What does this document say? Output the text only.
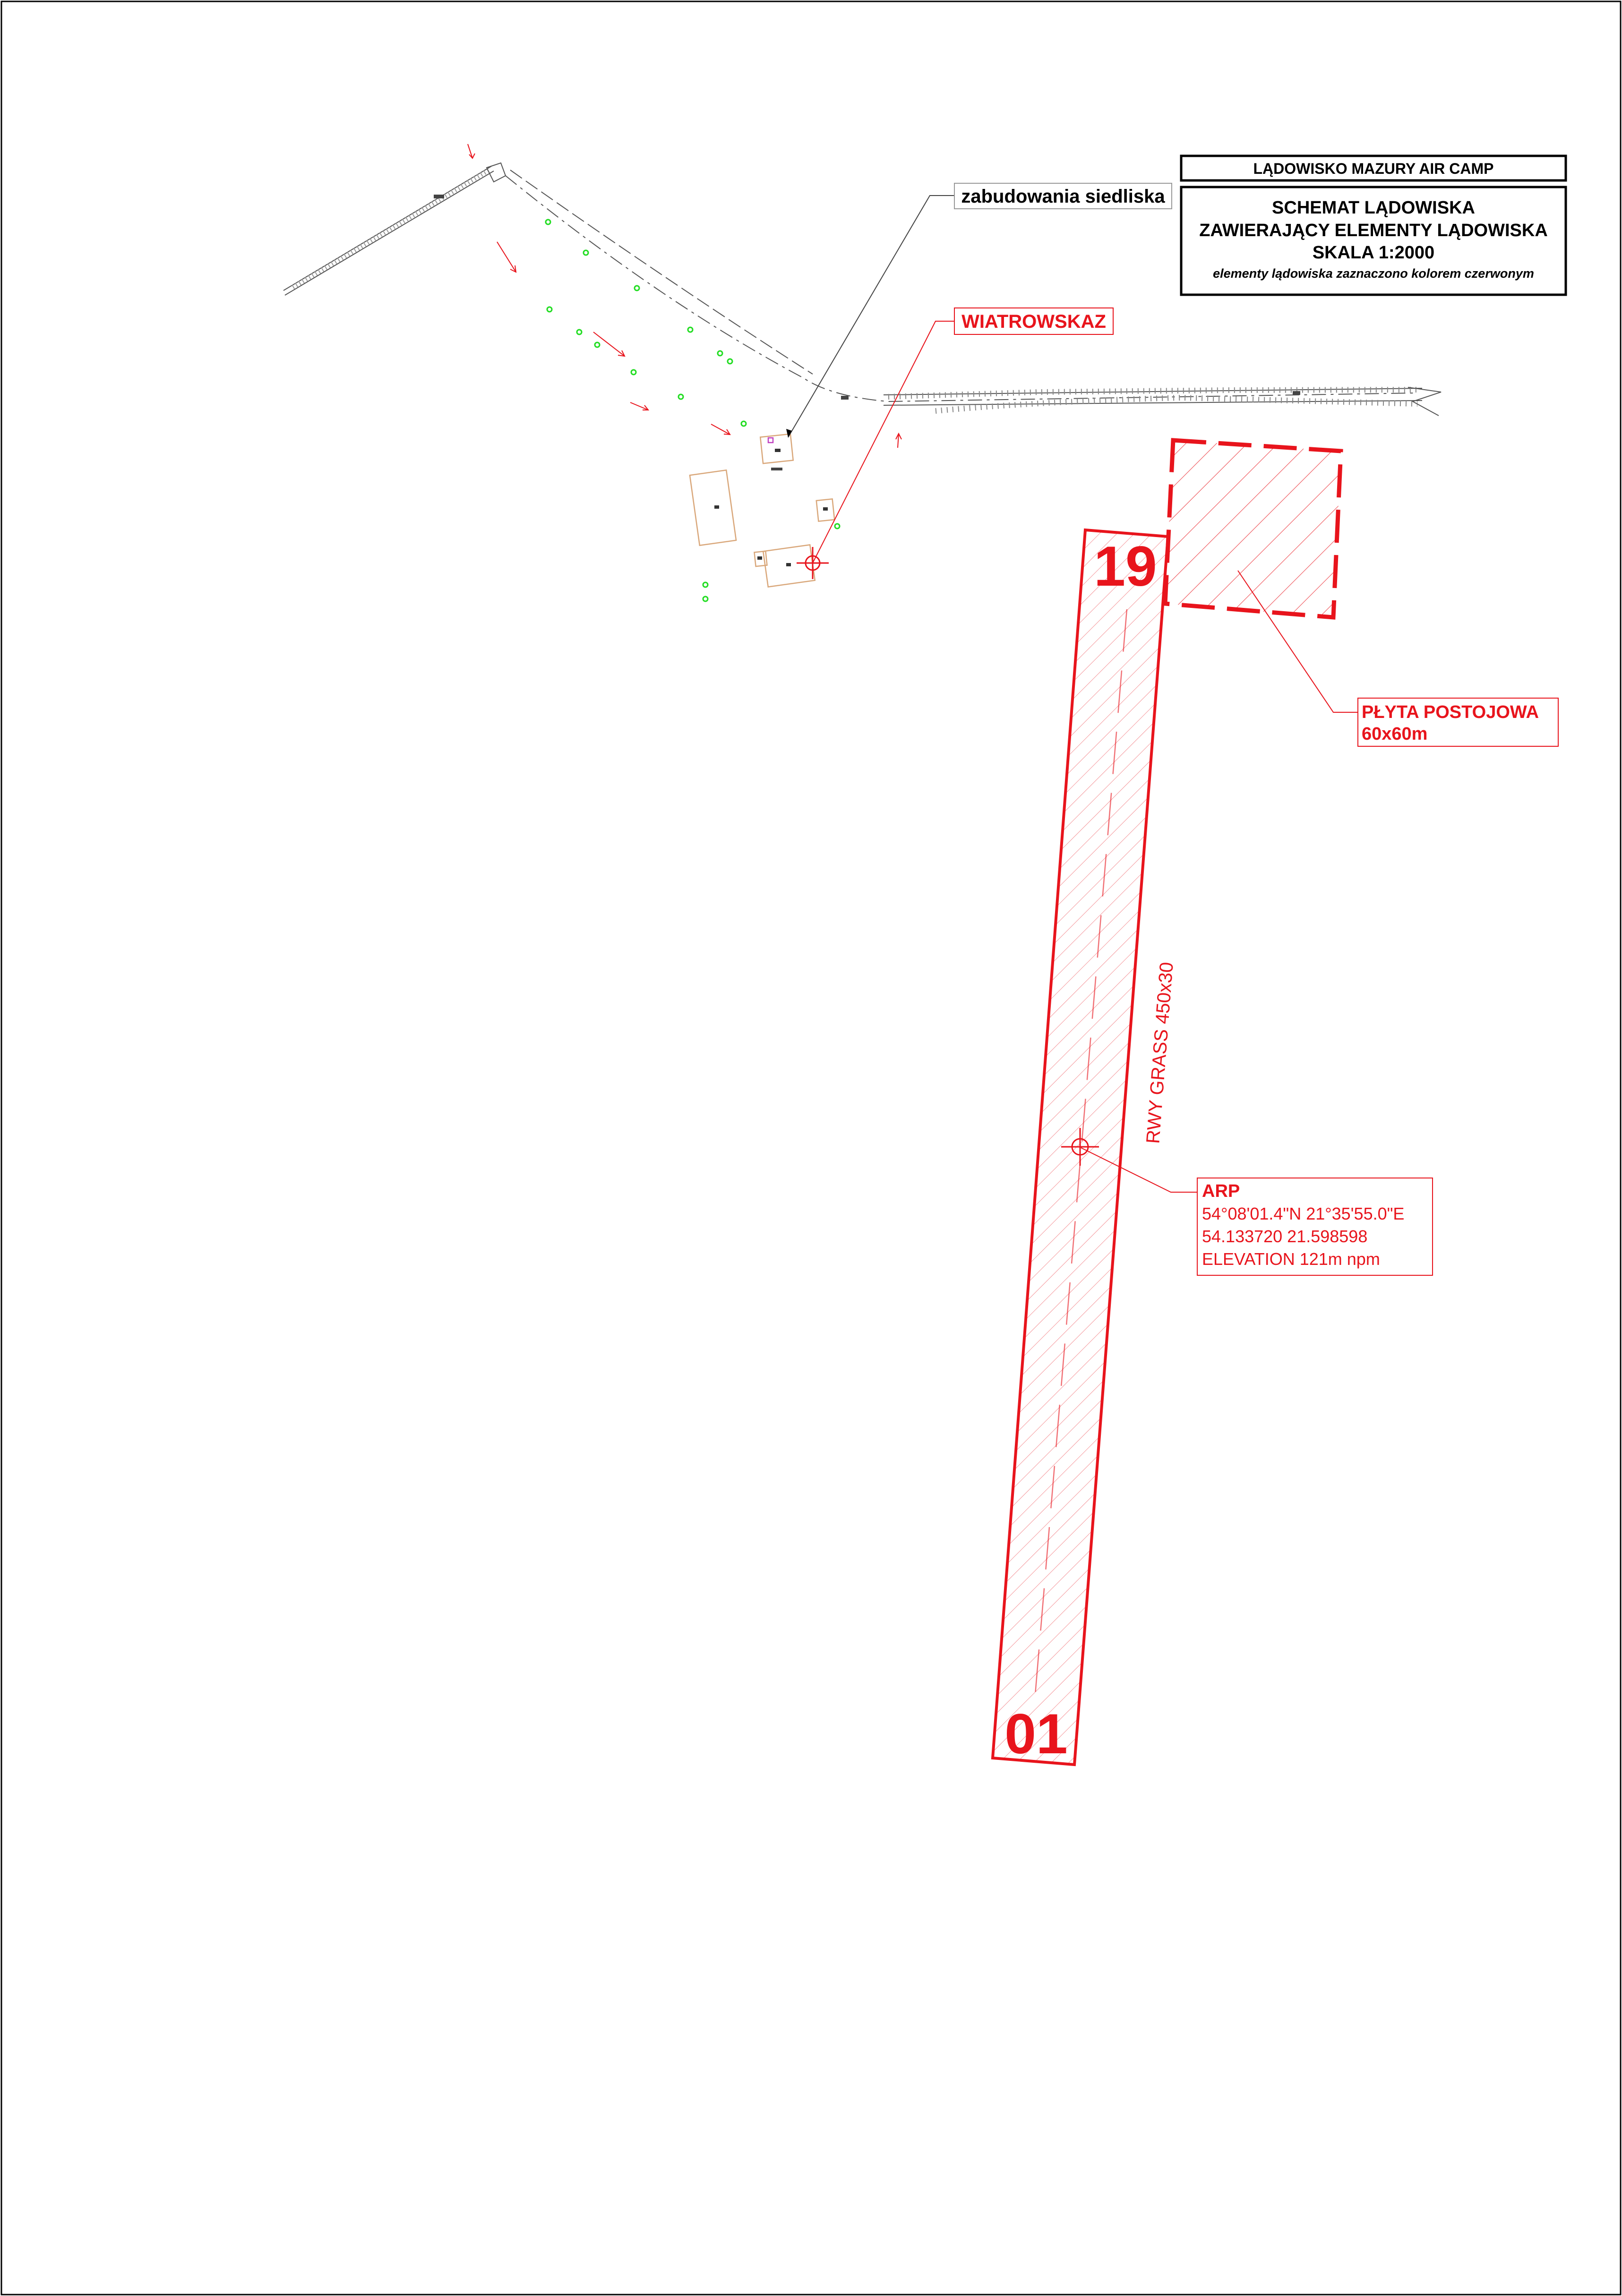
LĄDOWISKO MAZURY AIR CAMP
SCHEMAT LĄDOWISKA
ZAWIERAJĄCY ELEMENTY LĄDOWISKA
SKALA 1:2000
elementy lądowiska zaznaczono kolorem czerwonym
19
01
RWY GRASS 450x30
zabudowania siedliska
WIATROWSKAZ
PŁYTA POSTOJOWA
60x60m
ARP
54°08'01.4"N 21°35'55.0"E
54.133720 21.598598
ELEVATION 121m npm
